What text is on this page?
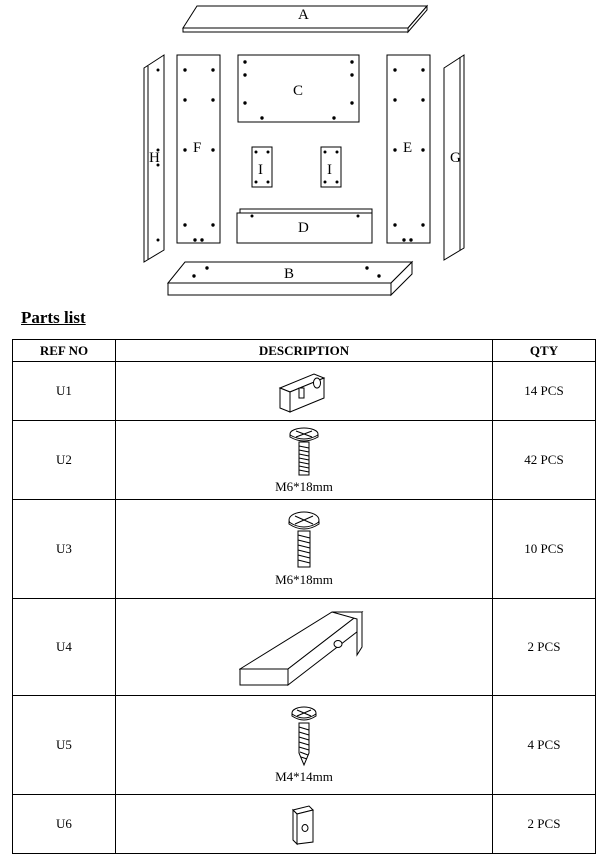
A
H
F
C
E
G
I	I
D
B
Parts list
REF NO	DESCRIPTION	QTY
U1		14 PCS
U2	M6*18mm	42 PCS
U3	M6*18mm	10 PCS
U4		2 PCS
U5	M4*14mm	4 PCS
U6		2 PCS
